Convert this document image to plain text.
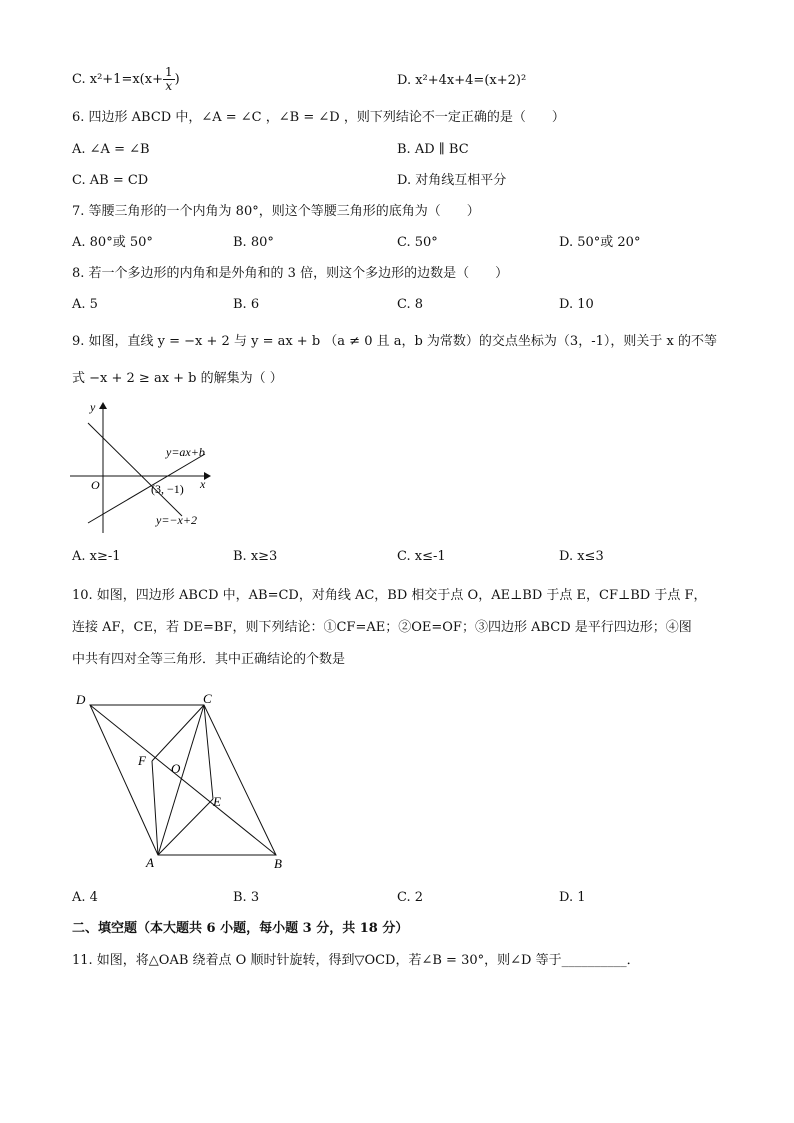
C. $x^2+1=x(x+ \frac{1}{x}$ )	D. x²+4x+4=(x+2)²
6. 四边形 ABCD 中，∠A = ∠C ，∠B = ∠D ，则下列结论不一定正确的是（　　）
A. ∠A = ∠B	B. AD ∥ BC
C. AB = CD	D. 对角线互相平分
7. 等腰三角形的一个内角为 80°，则这个等腰三角形的底角为（　　）
A. 80°或 50°	B. 80°	C. 50°	D. 50°或 20°
8. 若一个多边形的内角和是外角和的 3 倍，则这个多边形的边数是（　　）
A. 5	B. 6	C. 8	D. 10
9. 如图，直线 y = −x + 2 与 y = ax + b （a ≠ 0 且 a，b 为常数）的交点坐标为（3，-1），则关于 x 的不等
式 −x + 2 ≥ ax + b 的解集为（ ）
y
x
O
y=ax+b
(3, −1)
y=−x+2
A. x≥-1	B. x≥3	C. x≤-1	D. x≤3
10. 如图，四边形 ABCD 中，AB=CD，对角线 AC，BD 相交于点 O，AE⊥BD 于点 E，CF⊥BD 于点 F，
连接 AF，CE，若 DE=BF，则下列结论：①CF=AE；②OE=OF；③四边形 ABCD 是平行四边形；④图
中共有四对全等三角形．其中正确结论的个数是
D	C
F
O
E
A	B
A. 4	B. 3	C. 2	D. 1
二、填空题（本大题共 6 小题，每小题 3 分，共 18 分）
11. 如图，将△OAB 绕着点 O 顺时针旋转，得到▽OCD，若∠B = 30°，则∠D 等于__________．
